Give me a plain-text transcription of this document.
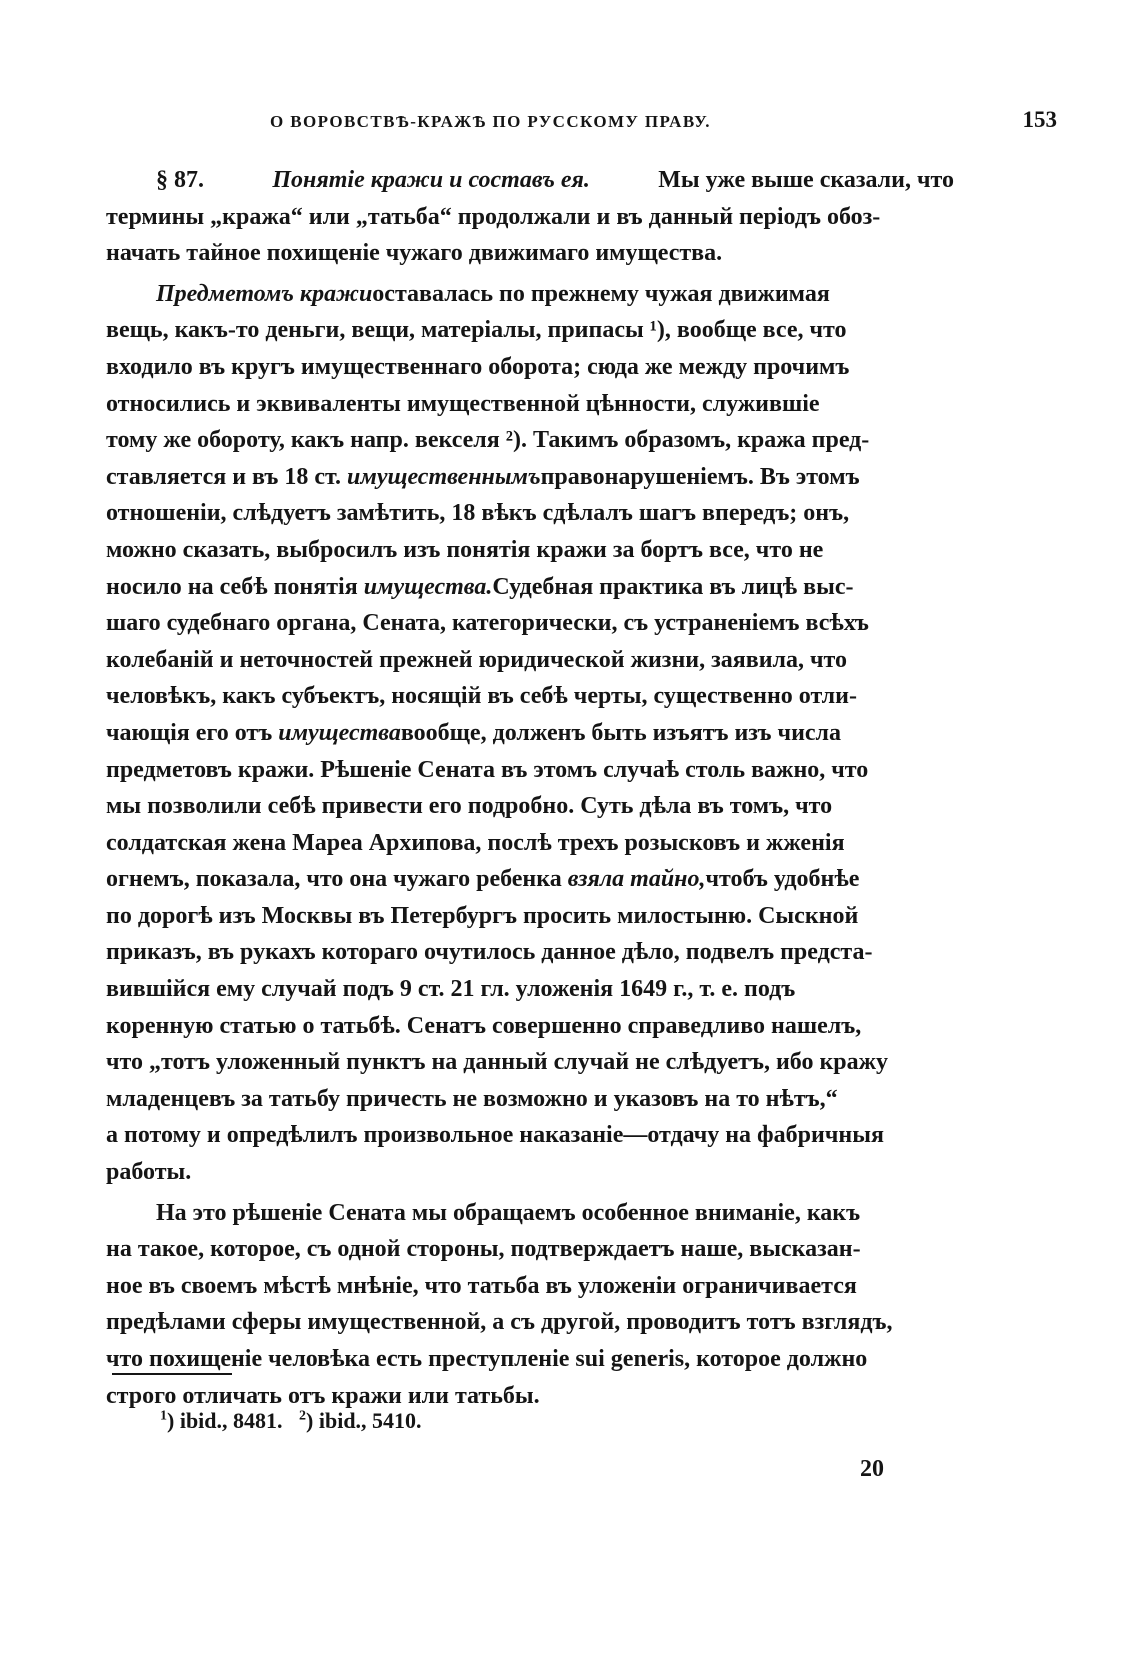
О ВОРОВСТВѢ-КРАЖѢ ПО РУССКОМУ ПРАВУ.	153
§ 87.	Понятіе кражи и составъ ея.	Мы уже выше сказали, что
термины „кража“ или „татьба“ продолжали и въ данный періодъ обоз-
начать тайное похищеніе чужаго движимаго имущества.
Предметомъ кражиоставалась по прежнему чужая движимая
вещь, какъ-то деньги, вещи, матеріалы, припасы ¹), вообще все, что
входило въ кругъ имущественнаго оборота; сюда же между прочимъ
относились и эквиваленты имущественной цѣнности, служившіе
тому же обороту, какъ напр. векселя ²). Такимъ образомъ, кража пред-
ставляется и въ 18 ст. имущественнымъправонарушеніемъ. Въ этомъ
отношеніи, слѣдуетъ замѣтить, 18 вѣкъ сдѣлалъ шагъ впередъ; онъ,
можно сказать, выбросилъ изъ понятія кражи за бортъ все, что не
носило на себѣ понятія имущества.Судебная практика въ лицѣ выс-
шаго судебнаго органа, Сената, категорически, съ устраненіемъ всѣхъ
колебаній и неточностей прежней юридической жизни, заявила, что
человѣкъ, какъ субъектъ, носящій въ себѣ черты, существенно отли-
чающія его отъ имуществавообще, долженъ быть изъятъ изъ числа
предметовъ кражи. Рѣшеніе Сената въ этомъ случаѣ столь важно, что
мы позволили себѣ привести его подробно. Суть дѣла въ томъ, что
солдатская жена Мареа Архипова, послѣ трехъ розысковъ и жженія
огнемъ, показала, что она чужаго ребенка взяла тайно,чтобъ удобнѣе
по дорогѣ изъ Москвы въ Петербургъ просить милостыню. Сыскной
приказъ, въ рукахъ котораго очутилось данное дѣло, подвелъ предста-
вившійся ему случай подъ 9 ст. 21 гл. уложенія 1649 г., т. е. подъ
коренную статью о татьбѣ. Сенатъ совершенно справедливо нашелъ,
что „тотъ уложенный пунктъ на данный случай не слѣдуетъ, ибо кражу
младенцевъ за татьбу причесть не возможно и указовъ на то нѣтъ,“
а потому и опредѣлилъ произвольное наказаніе—отдачу на фабричныя
работы.
На это рѣшеніе Сената мы обращаемъ особенное вниманіе, какъ
на такое, которое, съ одной стороны, подтверждаетъ наше, высказан-
ное въ своемъ мѣстѣ мнѣніе, что татьба въ уложеніи ограничивается
предѣлами сферы имущественной, а съ другой, проводитъ тотъ взглядъ,
что похищеніе человѣка есть преступленіе sui generis, которое должно
строго отличать отъ кражи или татьбы.
$^1$) ibid., 8481. $^2$) ibid., 5410.
20
